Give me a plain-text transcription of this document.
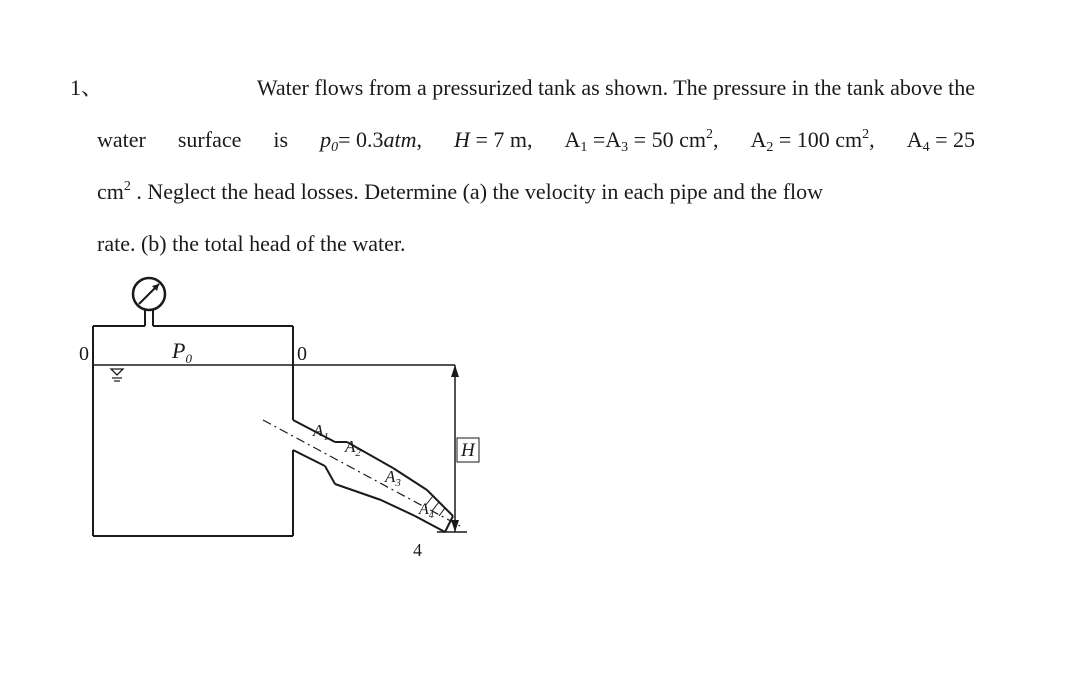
1、	Water flows from a pressurized tank as shown. The pressure in the tank above the
water surface is $p_0= 0.3atm$, H = 7 m, $A_1 =A_3 = 50$ $cm^2$, $A_2 = 100$ $cm^2$, $A_4 = 25$
$cm^2$ . Neglect the head losses. Determine (a) the velocity in each pipe and the flow
rate. (b) the total head of the water.
$P_0$
0	0
$A_1$ $A_2$
$A_3$
$A_4$
4
H
